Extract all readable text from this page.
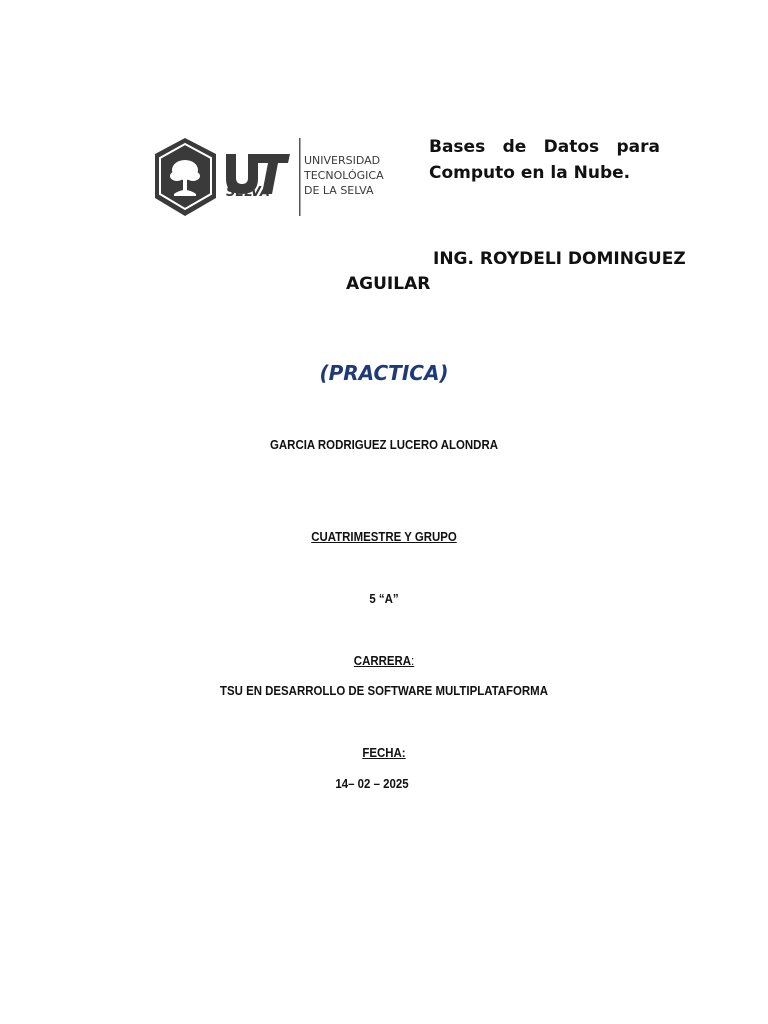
SELVA
UNIVERSIDAD
TECNOLÓGICA
DE LA SELVA
Bases de Datos para
Computo en la Nube.
ING. ROYDELI DOMINGUEZ
AGUILAR
(PRACTICA)
GARCIA RODRIGUEZ LUCERO ALONDRA
CUATRIMESTRE Y GRUPO
5 “A”
CARRERA:
TSU EN DESARROLLO DE SOFTWARE MULTIPLATAFORMA
FECHA:
14– 02 – 2025
